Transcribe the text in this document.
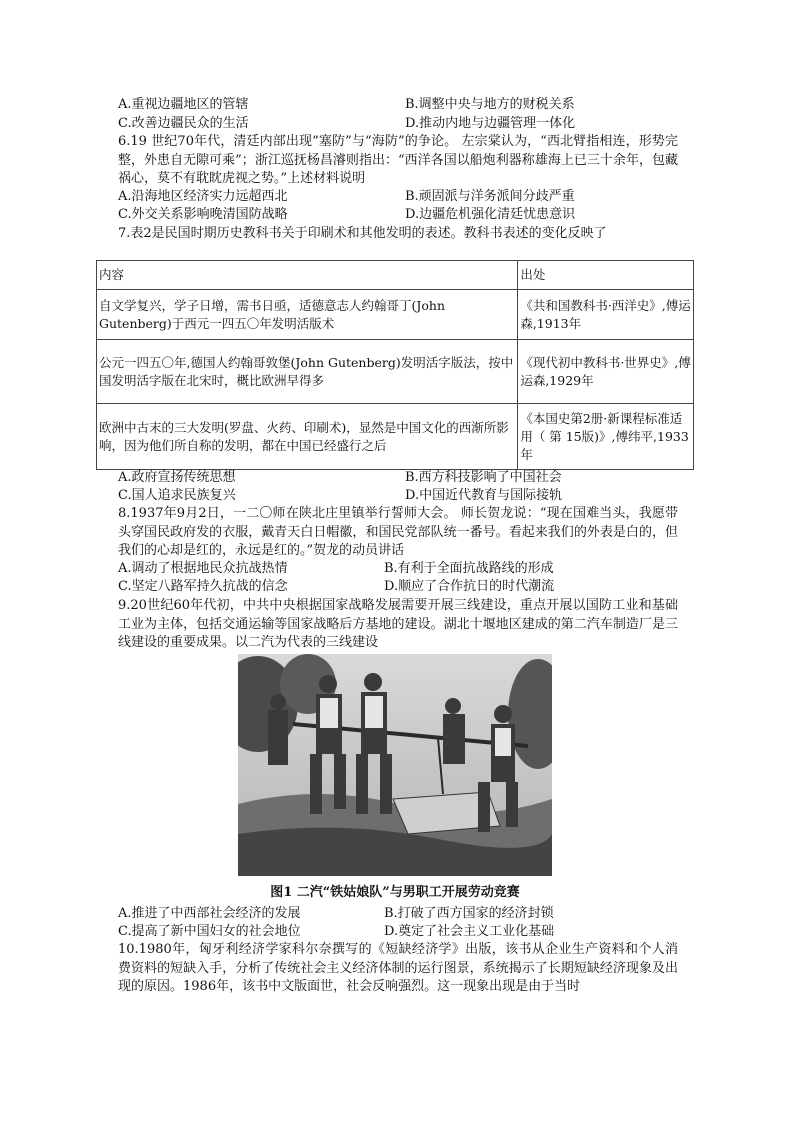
A.重视边疆地区的管辖	B.调整中央与地方的财税关系
C.改善边疆民众的生活	D.推动内地与边疆管理一体化
6.19 世纪70年代，清廷内部出现“塞防”与“海防”的争论。 左宗棠认为，“西北臂指相连，形势完整，外患自无隙可乘”；浙江巡抚杨昌濬则指出：“西洋各国以船炮利器称雄海上已三十余年，包藏祸心，莫不有耽眈虎视之势。”上述材料说明
A.沿海地区经济实力远超西北	B.顽固派与洋务派间分歧严重
C.外交关系影响晚清国防战略	D.边疆危机强化清廷忧患意识
7.表2是民国时期历史教科书关于印刷术和其他发明的表述。教科书表述的变化反映了
内容	出处
自文学复兴，学子日增，需书日亟，适德意志人约翰哥丁(John Gutenberg)于西元一四五〇年发明活版术	《共和国教科书·西洋史》,傅运森,1913年
公元一四五〇年,德国人约翰哥敦堡(John Gutenberg)发明活字版法，按中国发明活字版在北宋时，概比欧洲早得多	《现代初中教科书·世界史》,傅运森,1929年
欧洲中古末的三大发明(罗盘、火药、印刷术)，显然是中国文化的西渐所影响，因为他们所自称的发明，都在中国已经盛行之后	《本国史第2册·新课程标准适用（ 第 15版)》,傅纬平,1933年
A.政府宣扬传统思想	B.西方科技影响了中国社会
C.国人追求民族复兴	D.中国近代教育与国际接轨
8.1937年9月2日，一二〇师在陕北庄里镇举行誓师大会。 师长贺龙说：“现在国难当头，我愿带头穿国民政府发的衣服，戴青天白日帽徽，和国民党部队统一番号。看起来我们的外表是白的，但我们的心却是红的，永远是红的。”贺龙的动员讲话
A.调动了根据地民众抗战热情	B.有利于全面抗战路线的形成
C.坚定八路军持久抗战的信念	D.顺应了合作抗日的时代潮流
9.20世纪60年代初，中共中央根据国家战略发展需要开展三线建设，重点开展以国防工业和基础工业为主体，包括交通运输等国家战略后方基地的建设。湖北十堰地区建成的第二汽车制造厂是三线建设的重要成果。以二汽为代表的三线建设
图1 二汽“铁姑娘队”与男职工开展劳动竞赛
A.推进了中西部社会经济的发展	B.打破了西方国家的经济封锁
C.提高了新中国妇女的社会地位	D.奠定了社会主义工业化基础
10.1980年，匈牙利经济学家科尔奈撰写的《短缺经济学》出版，该书从企业生产资料和个人消费资料的短缺入手，分析了传统社会主义经济体制的运行图景，系统揭示了长期短缺经济现象及出现的原因。1986年，该书中文版面世，社会反响强烈。这一现象出现是由于当时
